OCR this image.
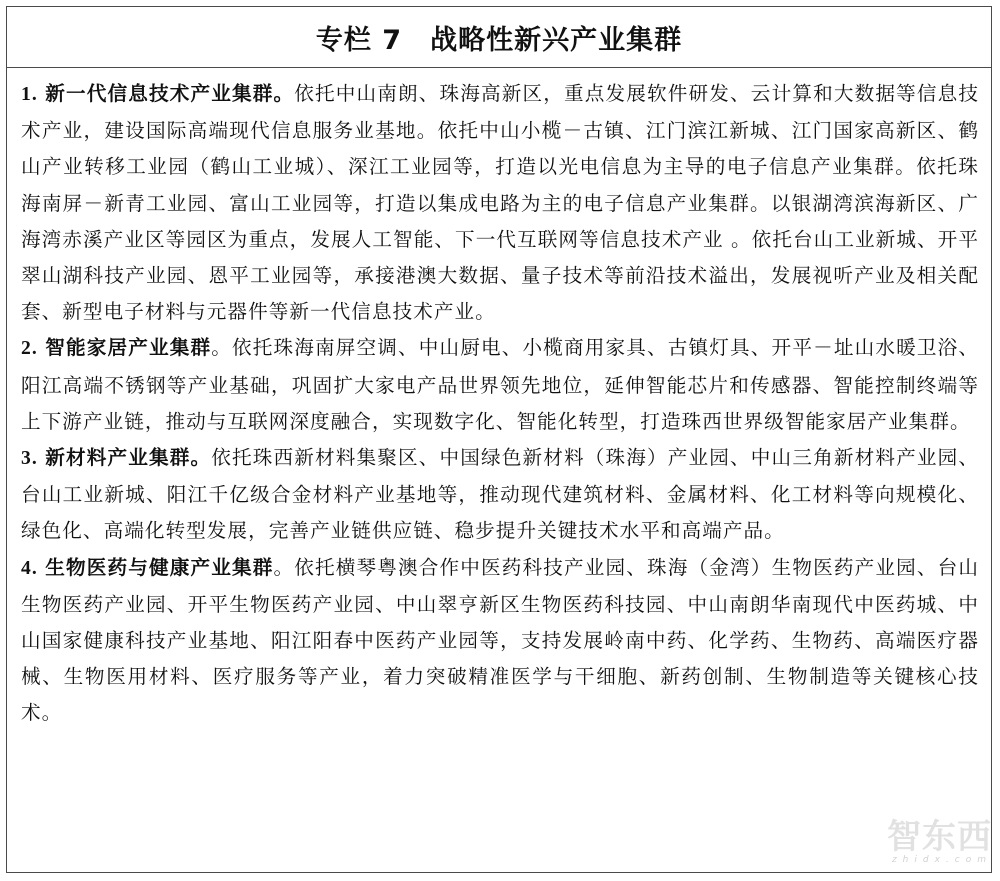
专栏 7　战略性新兴产业集群

1. 新一代信息技术产业集群。依托中山南朗、珠海高新区，重点发展软件研发、云计算和大数据等信息技术产业，建设国际高端现代信息服务业基地。依托中山小榄－古镇、江门滨江新城、江门国家高新区、鹤山产业转移工业园（鹤山工业城）、深江工业园等，打造以光电信息为主导的电子信息产业集群。依托珠海南屏－新青工业园、富山工业园等，打造以集成电路为主的电子信息产业集群。以银湖湾滨海新区、广海湾赤溪产业区等园区为重点，发展人工智能、下一代互联网等信息技术产业 。依托台山工业新城、开平翠山湖科技产业园、恩平工业园等，承接港澳大数据、量子技术等前沿技术溢出，发展视听产业及相关配套、新型电子材料与元器件等新一代信息技术产业。

2. 智能家居产业集群。依托珠海南屏空调、中山厨电、小榄商用家具、古镇灯具、开平－址山水暖卫浴、阳江高端不锈钢等产业基础，巩固扩大家电产品世界领先地位，延伸智能芯片和传感器、智能控制终端等上下游产业链，推动与互联网深度融合，实现数字化、智能化转型，打造珠西世界级智能家居产业集群。

3. 新材料产业集群。依托珠西新材料集聚区、中国绿色新材料（珠海）产业园、中山三角新材料产业园、台山工业新城、阳江千亿级合金材料产业基地等，推动现代建筑材料、金属材料、化工材料等向规模化、绿色化、高端化转型发展，完善产业链供应链、稳步提升关键技术水平和高端产品。

4. 生物医药与健康产业集群。依托横琴粤澳合作中医药科技产业园、珠海（金湾）生物医药产业园、台山生物医药产业园、开平生物医药产业园、中山翠亨新区生物医药科技园、中山南朗华南现代中医药城、中山国家健康科技产业基地、阳江阳春中医药产业园等，支持发展岭南中药、化学药、生物药、高端医疗器械、生物医用材料、医疗服务等产业，着力突破精准医学与干细胞、新药创制、生物制造等关键核心技术。

智东西
zhidx.com
